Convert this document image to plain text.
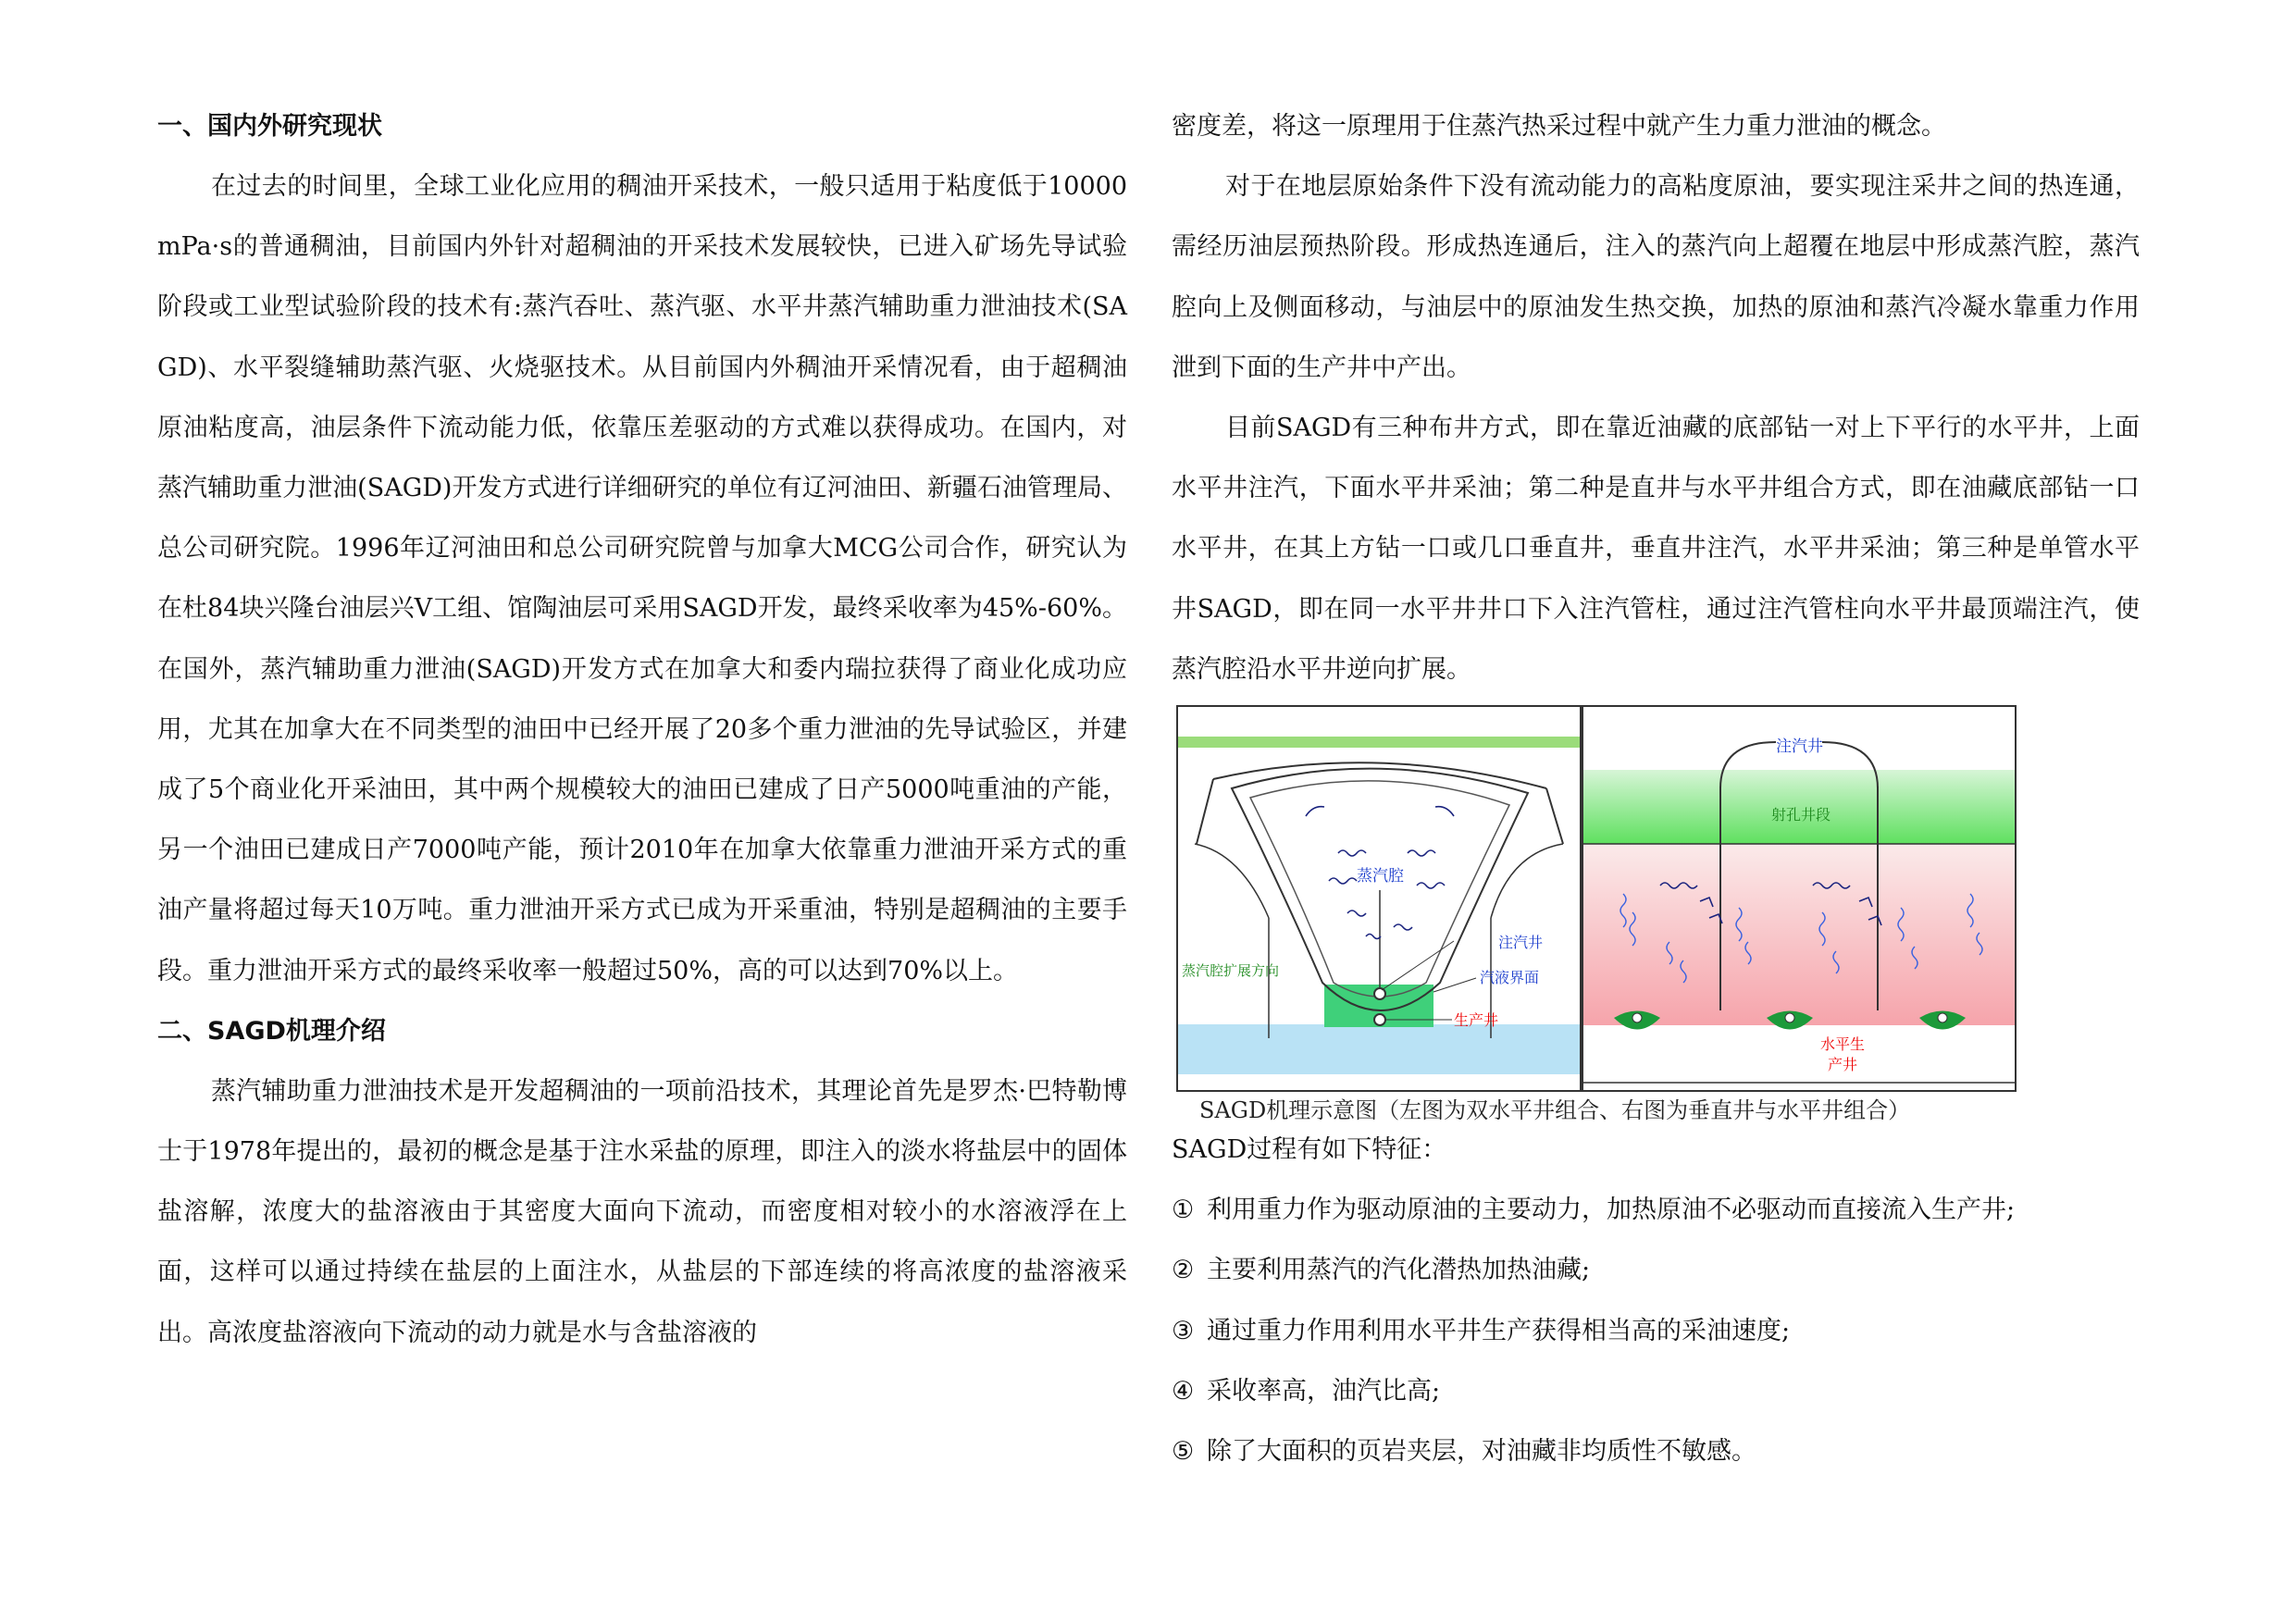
一、国内外研究现状

在过去的时间里，全球工业化应用的稠油开采技术，一般只适用于粘度低于10000mPa·s的普通稠油，目前国内外针对超稠油的开采技术发展较快，已进入矿场先导试验阶段或工业型试验阶段的技术有:蒸汽吞吐、蒸汽驱、水平井蒸汽辅助重力泄油技术(SAGD)、水平裂缝辅助蒸汽驱、火烧驱技术。从目前国内外稠油开采情况看，由于超稠油原油粘度高，油层条件下流动能力低，依靠压差驱动的方式难以获得成功。在国内，对蒸汽辅助重力泄油(SAGD)开发方式进行详细研究的单位有辽河油田、新疆石油管理局、总公司研究院。1996年辽河油田和总公司研究院曾与加拿大MCG公司合作，研究认为在杜84块兴隆台油层兴V工组、馆陶油层可采用SAGD开发，最终采收率为45%-60%。在国外，蒸汽辅助重力泄油(SAGD)开发方式在加拿大和委内瑞拉获得了商业化成功应用，尤其在加拿大在不同类型的油田中已经开展了20多个重力泄油的先导试验区，并建成了5个商业化开采油田，其中两个规模较大的油田已建成了日产5000吨重油的产能，另一个油田已建成日产7000吨产能，预计2010年在加拿大依靠重力泄油开采方式的重油产量将超过每天10万吨。重力泄油开采方式已成为开采重油，特别是超稠油的主要手段。重力泄油开采方式的最终采收率一般超过50%，高的可以达到70%以上。

二、SAGD机理介绍

蒸汽辅助重力泄油技术是开发超稠油的一项前沿技术，其理论首先是罗杰·巴特勒博士于1978年提出的，最初的概念是基于注水采盐的原理，即注入的淡水将盐层中的固体盐溶解，浓度大的盐溶液由于其密度大面向下流动，而密度相对较小的水溶液浮在上面，这样可以通过持续在盐层的上面注水，从盐层的下部连续的将高浓度的盐溶液采出。高浓度盐溶液向下流动的动力就是水与含盐溶液的

密度差，将这一原理用于住蒸汽热采过程中就产生力重力泄油的概念。

对于在地层原始条件下没有流动能力的高粘度原油，要实现注采井之间的热连通，需经历油层预热阶段。形成热连通后，注入的蒸汽向上超覆在地层中形成蒸汽腔，蒸汽腔向上及侧面移动，与油层中的原油发生热交换，加热的原油和蒸汽冷凝水靠重力作用泄到下面的生产井中产出。

目前SAGD有三种布井方式，即在靠近油藏的底部钻一对上下平行的水平井，上面水平井注汽，下面水平井采油；第二种是直井与水平井组合方式，即在油藏底部钻一口水平井，在其上方钻一口或几口垂直井，垂直井注汽，水平井采油；第三种是单管水平井SAGD，即在同一水平井井口下入注汽管柱，通过注汽管柱向水平井最顶端注汽，使蒸汽腔沿水平井逆向扩展。

蒸汽腔
注汽井
汽液界面
生产井
蒸汽腔扩展方向
注汽井
射孔井段
水平生
产井
SAGD机理示意图（左图为双水平井组合、右图为垂直井与水平井组合）

SAGD过程有如下特征：

① 利用重力作为驱动原油的主要动力，加热原油不必驱动而直接流入生产井;
② 主要利用蒸汽的汽化潜热加热油藏;
③ 通过重力作用利用水平井生产获得相当高的采油速度;
④ 采收率高，油汽比高;
⑤ 除了大面积的页岩夹层，对油藏非均质性不敏感。
